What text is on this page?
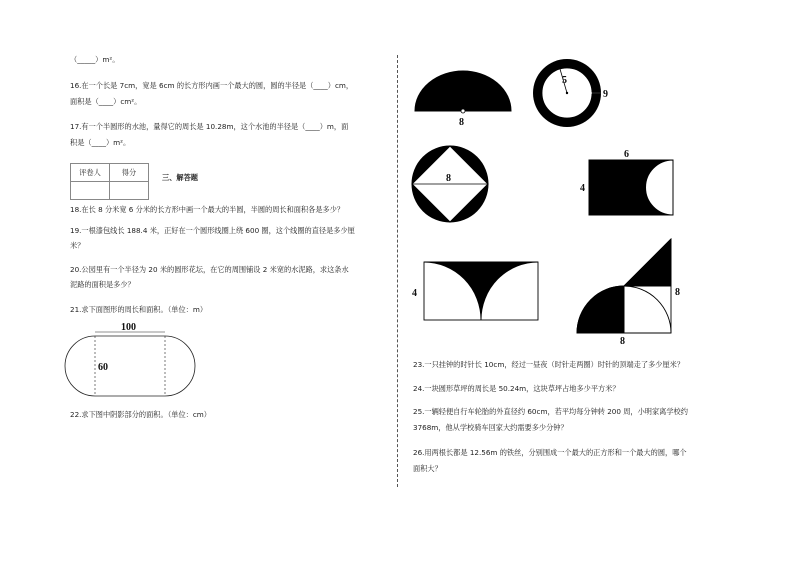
（_____）m²。
16.在一个长是 7cm，宽是 6cm 的长方形内画一个最大的圆，圆的半径是（____）cm，
面积是（____）cm²。
17.有一个半圆形的水池，量得它的周长是 10.28m，这个水池的半径是（____）m，面
积是（____）m²。
评卷人	得分

三、解答题
18.在长 8 分米宽 6 分米的长方形中画一个最大的半圆，半圆的周长和面积各是多少？
19.一根漆包线长 188.4 米，正好在一个圆形线圈上绕 600 圈，这个线圈的直径是多少厘
米？
20.公园里有一个半径为 20 米的圆形花坛，在它的周围铺设 2 米宽的水泥路，求这条水
泥路的面积是多少？
21.求下面图形的周长和面积。（单位：m）
22.求下图中阴影部分的面积。（单位：cm）
100
60
8
5
9
8
6
4
4	8
8
23.一只挂钟的时针长 10cm，经过一昼夜（时针走两圈）时针的顶端走了多少厘米？
24.一块圆形草坪的周长是 50.24m，这块草坪占地多少平方米？
25.一辆轻便自行车轮胎的外直径约 60cm，若平均每分钟转 200 周，小明家离学校约
3768m，他从学校骑车回家大约需要多少分钟？
26.用两根长都是 12.56m 的铁丝，分别围成一个最大的正方形和一个最大的圆，哪个
面积大？
